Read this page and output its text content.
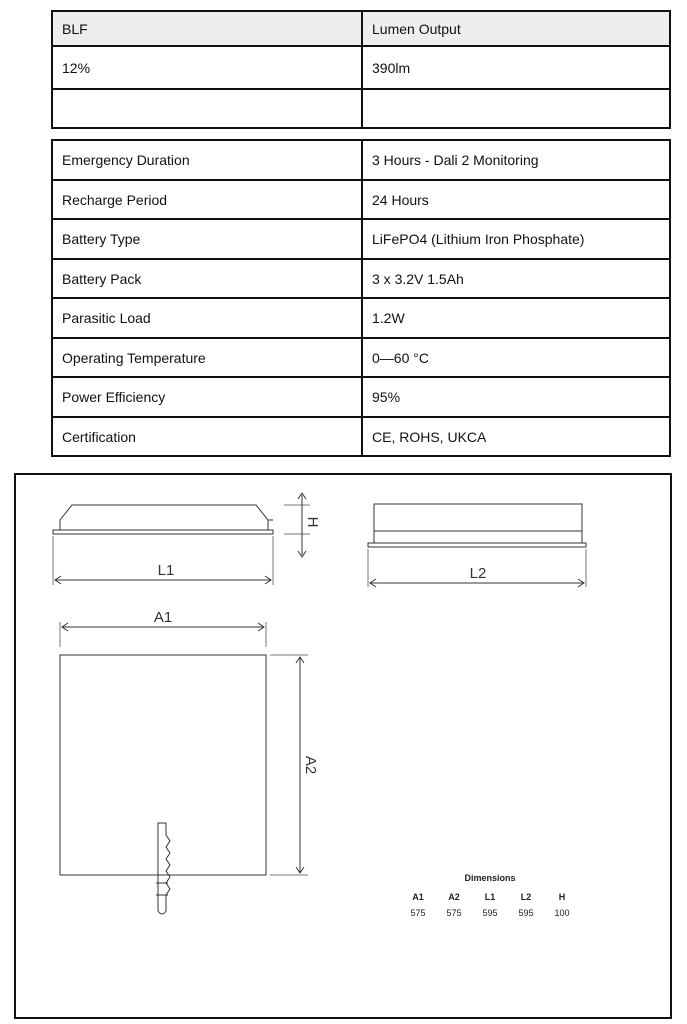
BLF	Lumen Output
12%	390lm

Emergency Duration	3 Hours - Dali 2 Monitoring
Recharge Period	24 Hours
Battery Type	LiFePO4 (Lithium Iron Phosphate)
Battery Pack	3 x 3.2V 1.5Ah
Parasitic Load	1.2W
Operating Temperature	0—60 °C
Power Efficiency	95%
Certification	CE, ROHS, UKCA
L1	L2
A1
H
A2
Dimensions
A1	A2	L1	L2	H
575	575	595	595	100
